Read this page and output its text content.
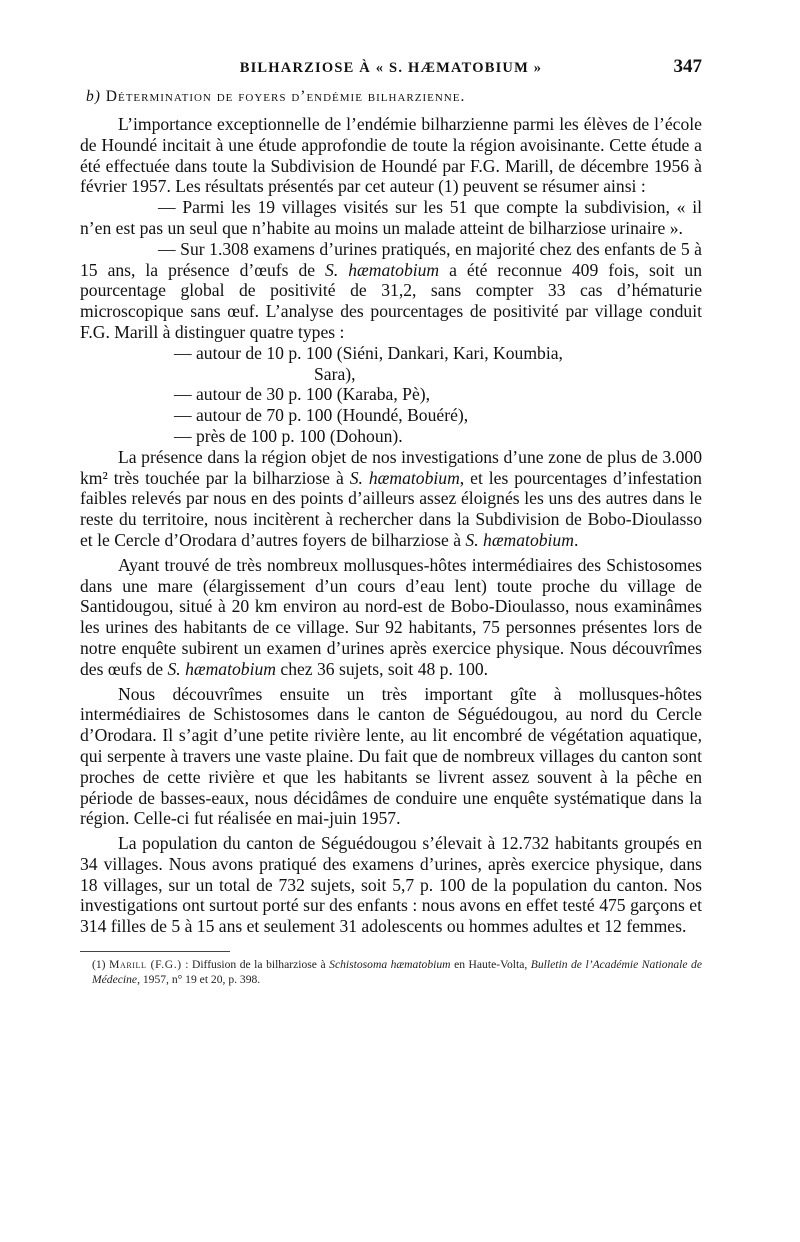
BILHARZIOSE À « S. HÆMATOBIUM »	347
b) Détermination de foyers d’endémie bilharzienne.

L’importance exceptionnelle de l’endémie bilharzienne parmi les élèves de l’école de Houndé incitait à une étude approfondie de toute la région avoisinante. Cette étude a été effectuée dans toute la Subdivision de Houndé par F.G. Marill, de décembre 1956 à février 1957. Les résultats présentés par cet auteur (1) peuvent se résumer ainsi :

— Parmi les 19 villages visités sur les 51 que compte la subdivision, « il n’en est pas un seul que n’habite au moins un malade atteint de bilharziose urinaire ».

— Sur 1.308 examens d’urines pratiqués, en majorité chez des enfants de 5 à 15 ans, la présence d’œufs de S. hæmatobium a été reconnue 409 fois, soit un pourcentage global de positivité de 31,2, sans compter 33 cas d’hématurie microscopique sans œuf. L’analyse des pourcentages de positivité par village conduit F.G. Marill à distinguer quatre types :

— autour de 10 p. 100 (Siéni, Dankari, Kari, Koumbia,

Sara),

— autour de 30 p. 100 (Karaba, Pè),

— autour de 70 p. 100 (Houndé, Bouéré),

— près de 100 p. 100 (Dohoun).

La présence dans la région objet de nos investigations d’une zone de plus de 3.000 km² très touchée par la bilharziose à S. hæmatobium, et les pourcentages d’infestation faibles relevés par nous en des points d’ailleurs assez éloignés les uns des autres dans le reste du territoire, nous incitèrent à rechercher dans la Subdivision de Bobo-Dioulasso et le Cercle d’Orodara d’autres foyers de bilharziose à S. hæmatobium.

Ayant trouvé de très nombreux mollusques-hôtes intermédiaires des Schistosomes dans une mare (élargissement d’un cours d’eau lent) toute proche du village de Santidougou, situé à 20 km environ au nord-est de Bobo-Dioulasso, nous examinâmes les urines des habitants de ce village. Sur 92 habitants, 75 personnes présentes lors de notre enquête subirent un examen d’urines après exercice physique. Nous découvrîmes des œufs de S. hæmatobium chez 36 sujets, soit 48 p. 100.

Nous découvrîmes ensuite un très important gîte à mollusques-hôtes intermédiaires de Schistosomes dans le canton de Séguédougou, au nord du Cercle d’Orodara. Il s’agit d’une petite rivière lente, au lit encombré de végétation aquatique, qui serpente à travers une vaste plaine. Du fait que de nombreux villages du canton sont proches de cette rivière et que les habitants se livrent assez souvent à la pêche en période de basses-eaux, nous décidâmes de conduire une enquête systématique dans la région. Celle-ci fut réalisée en mai-juin 1957.

La population du canton de Séguédougou s’élevait à 12.732 habitants groupés en 34 villages. Nous avons pratiqué des examens d’urines, après exercice physique, dans 18 villages, sur un total de 732 sujets, soit 5,7 p. 100 de la population du canton. Nos investigations ont surtout porté sur des enfants : nous avons en effet testé 475 garçons et 314 filles de 5 à 15 ans et seulement 31 adolescents ou hommes adultes et 12 femmes.

(1) Marill (F.G.) : Diffusion de la bilharziose à Schistosoma hæmatobium en Haute-Volta, Bulletin de l’Académie Nationale de Médecine, 1957, n° 19 et 20, p. 398.
